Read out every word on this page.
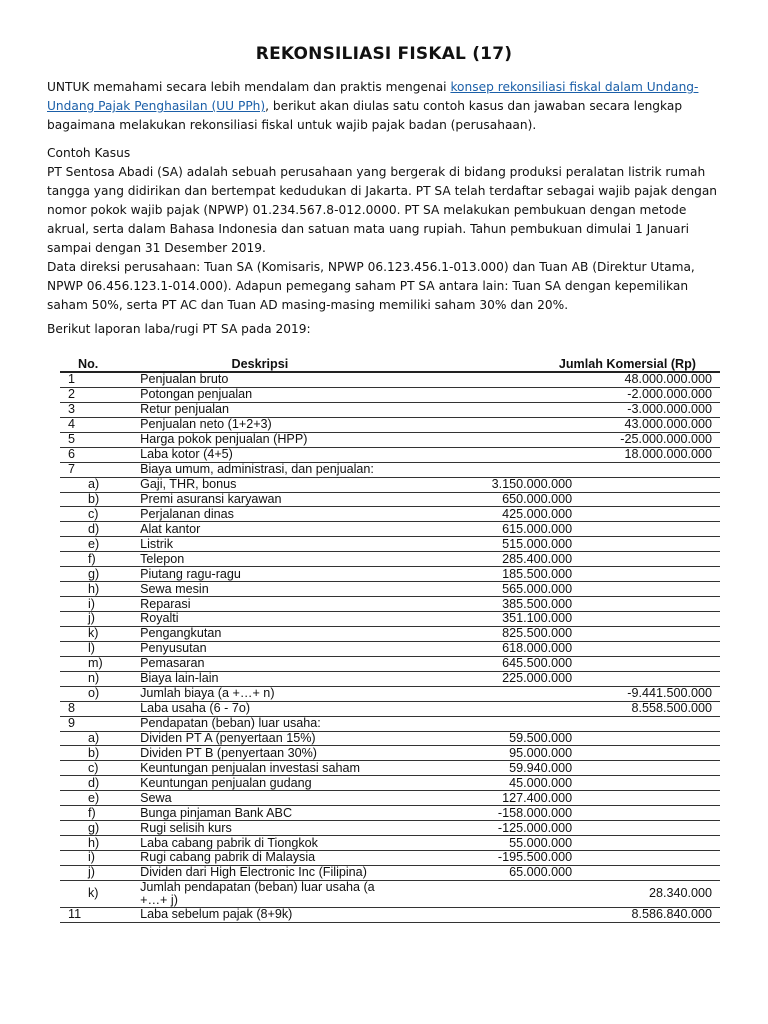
REKONSILIASI FISKAL (17)
UNTUK memahami secara lebih mendalam dan praktis mengenai konsep rekonsiliasi fiskal dalam Undang-Undang Pajak Penghasilan (UU PPh), berikut akan diulas satu contoh kasus dan jawaban secara lengkap bagaimana melakukan rekonsiliasi fiskal untuk wajib pajak badan (perusahaan).
Contoh Kasus
PT Sentosa Abadi (SA) adalah sebuah perusahaan yang bergerak di bidang produksi peralatan listrik rumah tangga yang didirikan dan bertempat kedudukan di Jakarta. PT SA telah terdaftar sebagai wajib pajak dengan nomor pokok wajib pajak (NPWP) 01.234.567.8-012.0000. PT SA melakukan pembukuan dengan metode akrual, serta dalam Bahasa Indonesia dan satuan mata uang rupiah. Tahun pembukuan dimulai 1 Januari sampai dengan 31 Desember 2019.
Data direksi perusahaan: Tuan SA (Komisaris, NPWP 06.123.456.1-013.000) dan Tuan AB (Direktur Utama, NPWP 06.456.123.1-014.000). Adapun pemegang saham PT SA antara lain: Tuan SA dengan kepemilikan saham 50%, serta PT AC dan Tuan AD masing-masing memiliki saham 30% dan 20%.
Berikut laporan laba/rugi PT SA pada 2019:
No.	Deskripsi	Jumlah Komersial (Rp)	
1	Penjualan bruto		48.000.000.000
2	Potongan penjualan		-2.000.000.000
3	Retur penjualan		-3.000.000.000
4	Penjualan neto (1+2+3)		43.000.000.000
5	Harga pokok penjualan (HPP)		-25.000.000.000
6	Laba kotor (4+5)		18.000.000.000
7	Biaya umum, administrasi, dan penjualan:		
a)	Gaji, THR, bonus	3.150.000.000	
b)	Premi asuransi karyawan	650.000.000	
c)	Perjalanan dinas	425.000.000	
d)	Alat kantor	615.000.000	
e)	Listrik	515.000.000	
f)	Telepon	285.400.000	
g)	Piutang ragu-ragu	185.500.000	
h)	Sewa mesin	565.000.000	
i)	Reparasi	385.500.000	
j)	Royalti	351.100.000	
k)	Pengangkutan	825.500.000	
l)	Penyusutan	618.000.000	
m)	Pemasaran	645.500.000	
n)	Biaya lain-lain	225.000.000	
o)	Jumlah biaya (a +…+ n)		-9.441.500.000
8	Laba usaha (6 - 7o)		8.558.500.000
9	Pendapatan (beban) luar usaha:		
a)	Dividen PT A (penyertaan 15%)	59.500.000	
b)	Dividen PT B (penyertaan 30%)	95.000.000	
c)	Keuntungan penjualan investasi saham	59.940.000	
d)	Keuntungan penjualan gudang	45.000.000	
e)	Sewa	127.400.000	
f)	Bunga pinjaman Bank ABC	-158.000.000	
g)	Rugi selisih kurs	-125.000.000	
h)	Laba cabang pabrik di Tiongkok	55.000.000	
i)	Rugi cabang pabrik di Malaysia	-195.500.000	
j)	Dividen dari High Electronic Inc (Filipina)	65.000.000	
k)	Jumlah pendapatan (beban) luar usaha (a +…+ j)		28.340.000
11	Laba sebelum pajak (8+9k)		8.586.840.000
